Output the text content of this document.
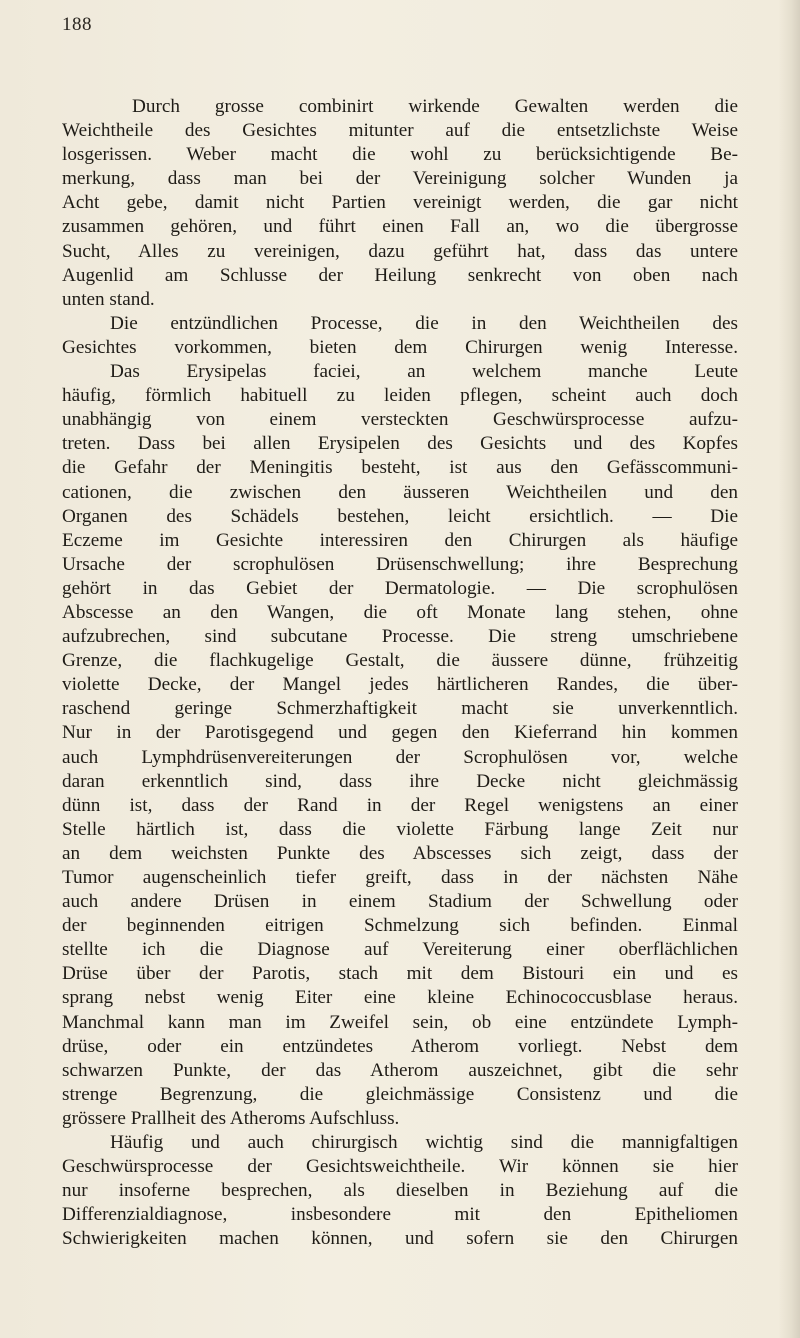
188
Durch grosse combinirt wirkende Gewalten werden die
Weichtheile des Gesichtes mitunter auf die entsetzlichste Weise
losgerissen. Weber macht die wohl zu berücksichtigende Be-
merkung, dass man bei der Vereinigung solcher Wunden ja
Acht gebe, damit nicht Partien vereinigt werden, die gar nicht
zusammen gehören, und führt einen Fall an, wo die übergrosse
Sucht, Alles zu vereinigen, dazu geführt hat, dass das untere
Augenlid am Schlusse der Heilung senkrecht von oben nach
unten stand.
Die entzündlichen Processe, die in den Weichtheilen des
Gesichtes vorkommen, bieten dem Chirurgen wenig Interesse.
Das Erysipelas faciei, an welchem manche Leute
häufig, förmlich habituell zu leiden pflegen, scheint auch doch
unabhängig von einem versteckten Geschwürsprocesse aufzu-
treten. Dass bei allen Erysipelen des Gesichts und des Kopfes
die Gefahr der Meningitis besteht, ist aus den Gefässcommuni-
cationen, die zwischen den äusseren Weichtheilen und den
Organen des Schädels bestehen, leicht ersichtlich. — Die
Eczeme im Gesichte interessiren den Chirurgen als häufige
Ursache der scrophulösen Drüsenschwellung; ihre Besprechung
gehört in das Gebiet der Dermatologie. — Die scrophulösen
Abscesse an den Wangen, die oft Monate lang stehen, ohne
aufzubrechen, sind subcutane Processe. Die streng umschriebene
Grenze, die flachkugelige Gestalt, die äussere dünne, frühzeitig
violette Decke, der Mangel jedes härtlicheren Randes, die über-
raschend geringe Schmerzhaftigkeit macht sie unverkenntlich.
Nur in der Parotisgegend und gegen den Kieferrand hin kommen
auch Lymphdrüsenvereiterungen der Scrophulösen vor, welche
daran erkenntlich sind, dass ihre Decke nicht gleichmässig
dünn ist, dass der Rand in der Regel wenigstens an einer
Stelle härtlich ist, dass die violette Färbung lange Zeit nur
an dem weichsten Punkte des Abscesses sich zeigt, dass der
Tumor augenscheinlich tiefer greift, dass in der nächsten Nähe
auch andere Drüsen in einem Stadium der Schwellung oder
der beginnenden eitrigen Schmelzung sich befinden. Einmal
stellte ich die Diagnose auf Vereiterung einer oberflächlichen
Drüse über der Parotis, stach mit dem Bistouri ein und es
sprang nebst wenig Eiter eine kleine Echinococcusblase heraus.
Manchmal kann man im Zweifel sein, ob eine entzündete Lymph-
drüse, oder ein entzündetes Atherom vorliegt. Nebst dem
schwarzen Punkte, der das Atherom auszeichnet, gibt die sehr
strenge Begrenzung, die gleichmässige Consistenz und die
grössere Prallheit des Atheroms Aufschluss.
Häufig und auch chirurgisch wichtig sind die mannigfaltigen
Geschwürsprocesse der Gesichtsweichtheile. Wir können sie hier
nur insoferne besprechen, als dieselben in Beziehung auf die
Differenzialdiagnose, insbesondere mit den Epitheliomen
Schwierigkeiten machen können, und sofern sie den Chirurgen
